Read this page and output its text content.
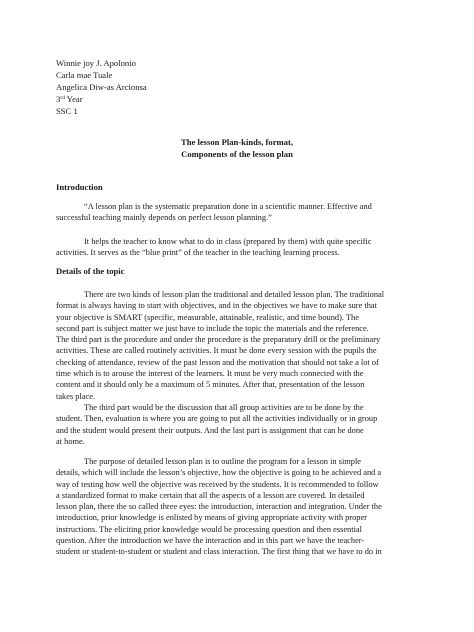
Winnie joy J. Apolonio
Carla mae Tuale
Angelica Diw-as Arcionsa
3rd Year
SSC 1
The lesson Plan-kinds, format,
Components of the lesson plan
Introduction
“A lesson plan is the systematic preparation done in a scientific manner. Effective and
successful teaching mainly depends on perfect lesson planning.”
It helps the teacher to know what to do in class (prepared by them) with quite specific
activities. It serves as the “blue print” of the teacher in the teaching learning process.
Details of the topic
There are two kinds of lesson plan the traditional and detailed lesson plan. The traditional
format is always having to start with objectives, and in the objectives we have to make sure that
your objective is SMART (specific, measurable, attainable, realistic, and time bound). The
second part is subject matter we just have to include the topic the materials and the reference.
The third part is the procedure and under the procedure is the preparatory drill or the preliminary
activities. These are called routinely activities. It must be done every session with the pupils the
checking of attendance, review of the past lesson and the motivation that should not take a lot of
time which is to arouse the interest of the learners. It must be very much connected with the
content and it should only be a maximum of 5 minutes. After that, presentation of the lesson
takes place.
The third part would be the discussion that all group activities are to be done by the
student. Then, evaluation is where you are going to put all the activities individually or in group
and the student would present their outputs. And the last part is assignment that can be done
at home.
The purpose of detailed lesson plan is to outline the program for a lesson in simple
details, which will include the lesson’s objective, how the objective is going to be achieved and a
way of testing how well the objective was received by the students. It is recommended to follow
a standardized format to make certain that all the aspects of a lesson are covered. In detailed
lesson plan, there the so called three eyes: the introduction, interaction and integration. Under the
introduction, prior knowledge is enlisted by means of giving appropriate activity with proper
instructions. The eliciting prior knowledge would be processing question and then essential
question. After the introduction we have the interaction and in this part we have the teacher-
student or student-to-student or student and class interaction. The first thing that we have to do in
